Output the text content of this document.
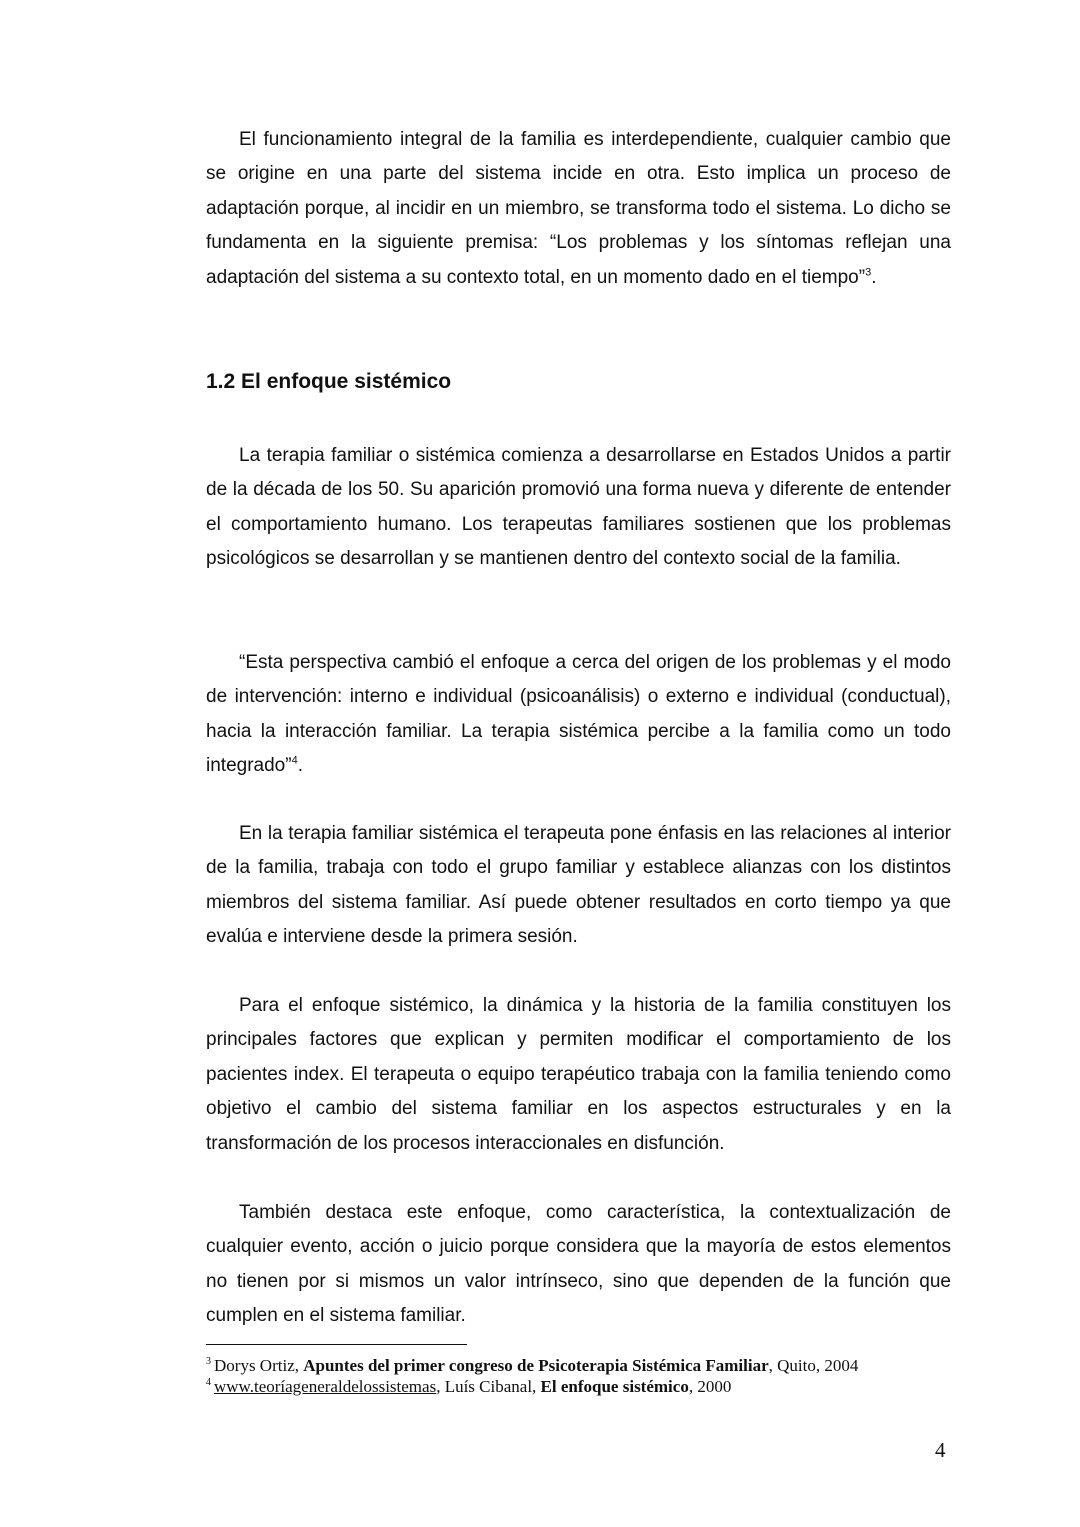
El funcionamiento integral de la familia es interdependiente, cualquier cambio que se origine en una parte del sistema incide en otra. Esto implica un proceso de adaptación porque, al incidir en un miembro, se transforma todo el sistema. Lo dicho se fundamenta en la siguiente premisa: “Los problemas y los síntomas reflejan una adaptación del sistema a su contexto total, en un momento dado en el tiempo”$^3$.

1.2 El enfoque sistémico

La terapia familiar o sistémica comienza a desarrollarse en Estados Unidos a partir de la década de los 50. Su aparición promovió una forma nueva y diferente de entender el comportamiento humano. Los terapeutas familiares sostienen que los problemas psicológicos se desarrollan y se mantienen dentro del contexto social de la familia.

“Esta perspectiva cambió el enfoque a cerca del origen de los problemas y el modo de intervención: interno e individual (psicoanálisis) o externo e individual (conductual), hacia la interacción familiar. La terapia sistémica percibe a la familia como un todo integrado”$^4$.

En la terapia familiar sistémica el terapeuta pone énfasis en las relaciones al interior de la familia, trabaja con todo el grupo familiar y establece alianzas con los distintos miembros del sistema familiar. Así puede obtener resultados en corto tiempo ya que evalúa e interviene desde la primera sesión.

Para el enfoque sistémico, la dinámica y la historia de la familia constituyen los principales factores que explican y permiten modificar el comportamiento de los pacientes index. El terapeuta o equipo terapéutico trabaja con la familia teniendo como objetivo el cambio del sistema familiar en los aspectos estructurales y en la transformación de los procesos interaccionales en disfunción.

También destaca este enfoque, como característica, la contextualización de cualquier evento, acción o juicio porque considera que la mayoría de estos elementos no tienen por si mismos un valor intrínseco, sino que dependen de la función que cumplen en el sistema familiar.

$^3$ Dorys Ortiz, Apuntes del primer congreso de Psicoterapia Sistémica Familiar, Quito, 2004
$^4$ www.teoríageneraldelossistemas, Luís Cibanal, El enfoque sistémico, 2000
4
